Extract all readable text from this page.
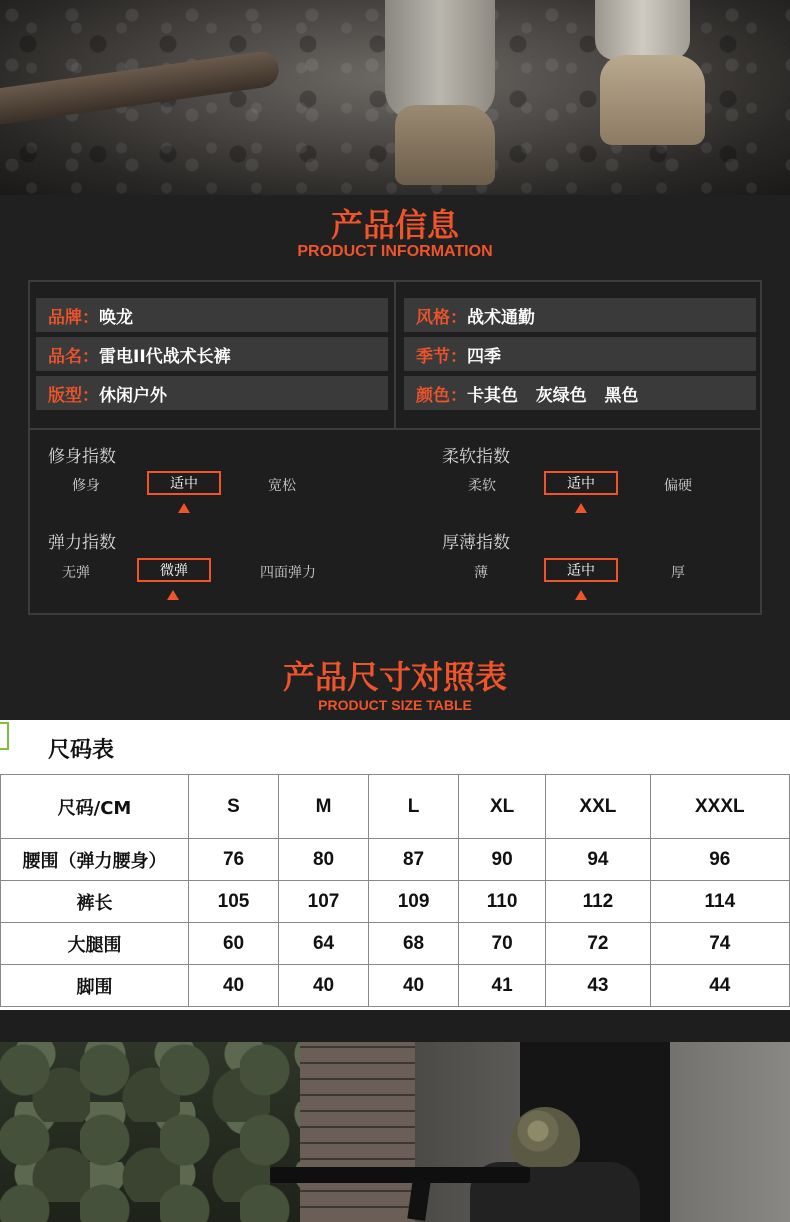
产品信息
PRODUCT INFORMATION
品牌： 唤龙
品名： 雷电II代战术长裤
版型： 休闲户外
风格： 战术通勤
季节： 四季
颜色： 卡其色   灰绿色   黑色
修身指数
修身	适中	宽松
柔软指数
柔软	适中	偏硬
弹力指数
无弹	微弹	四面弹力
厚薄指数
薄	适中	厚
产品尺寸对照表
PRODUCT SIZE TABLE
尺码表
尺码/CM	S	M	L	XL	XXL	XXXL
腰围（弹力腰身）	76	80	87	90	94	96
裤长	105	107	109	110	112	114
大腿围	60	64	68	70	72	74
脚围	40	40	40	41	43	44
